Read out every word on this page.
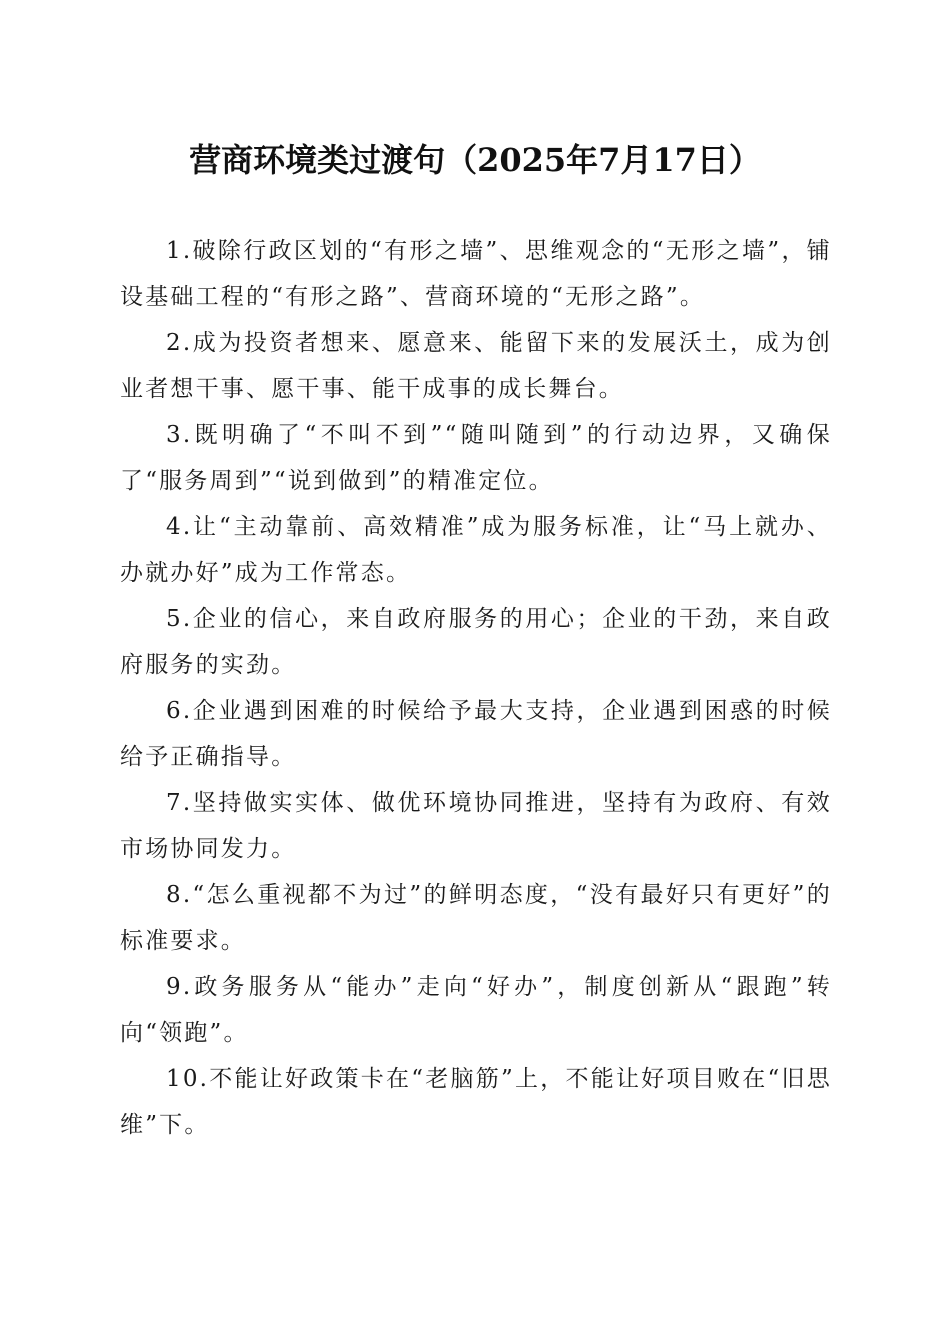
营商环境类过渡句（2025年7月17日）

1.破除行政区划的“有形之墙”、思维观念的“无形之墙”，铺设基础工程的“有形之路”、营商环境的“无形之路”。

2.成为投资者想来、愿意来、能留下来的发展沃土，成为创业者想干事、愿干事、能干成事的成长舞台。

3.既明确了“不叫不到”“随叫随到”的行动边界，又确保了“服务周到”“说到做到”的精准定位。

4.让“主动靠前、高效精准”成为服务标准，让“马上就办、办就办好”成为工作常态。

5.企业的信心，来自政府服务的用心；企业的干劲，来自政府服务的实劲。

6.企业遇到困难的时候给予最大支持，企业遇到困惑的时候给予正确指导。

7.坚持做实实体、做优环境协同推进，坚持有为政府、有效市场协同发力。

8.“怎么重视都不为过”的鲜明态度，“没有最好只有更好”的标准要求。

9.政务服务从“能办”走向“好办”，制度创新从“跟跑”转向“领跑”。

10.不能让好政策卡在“老脑筋”上，不能让好项目败在“旧思维”下。
